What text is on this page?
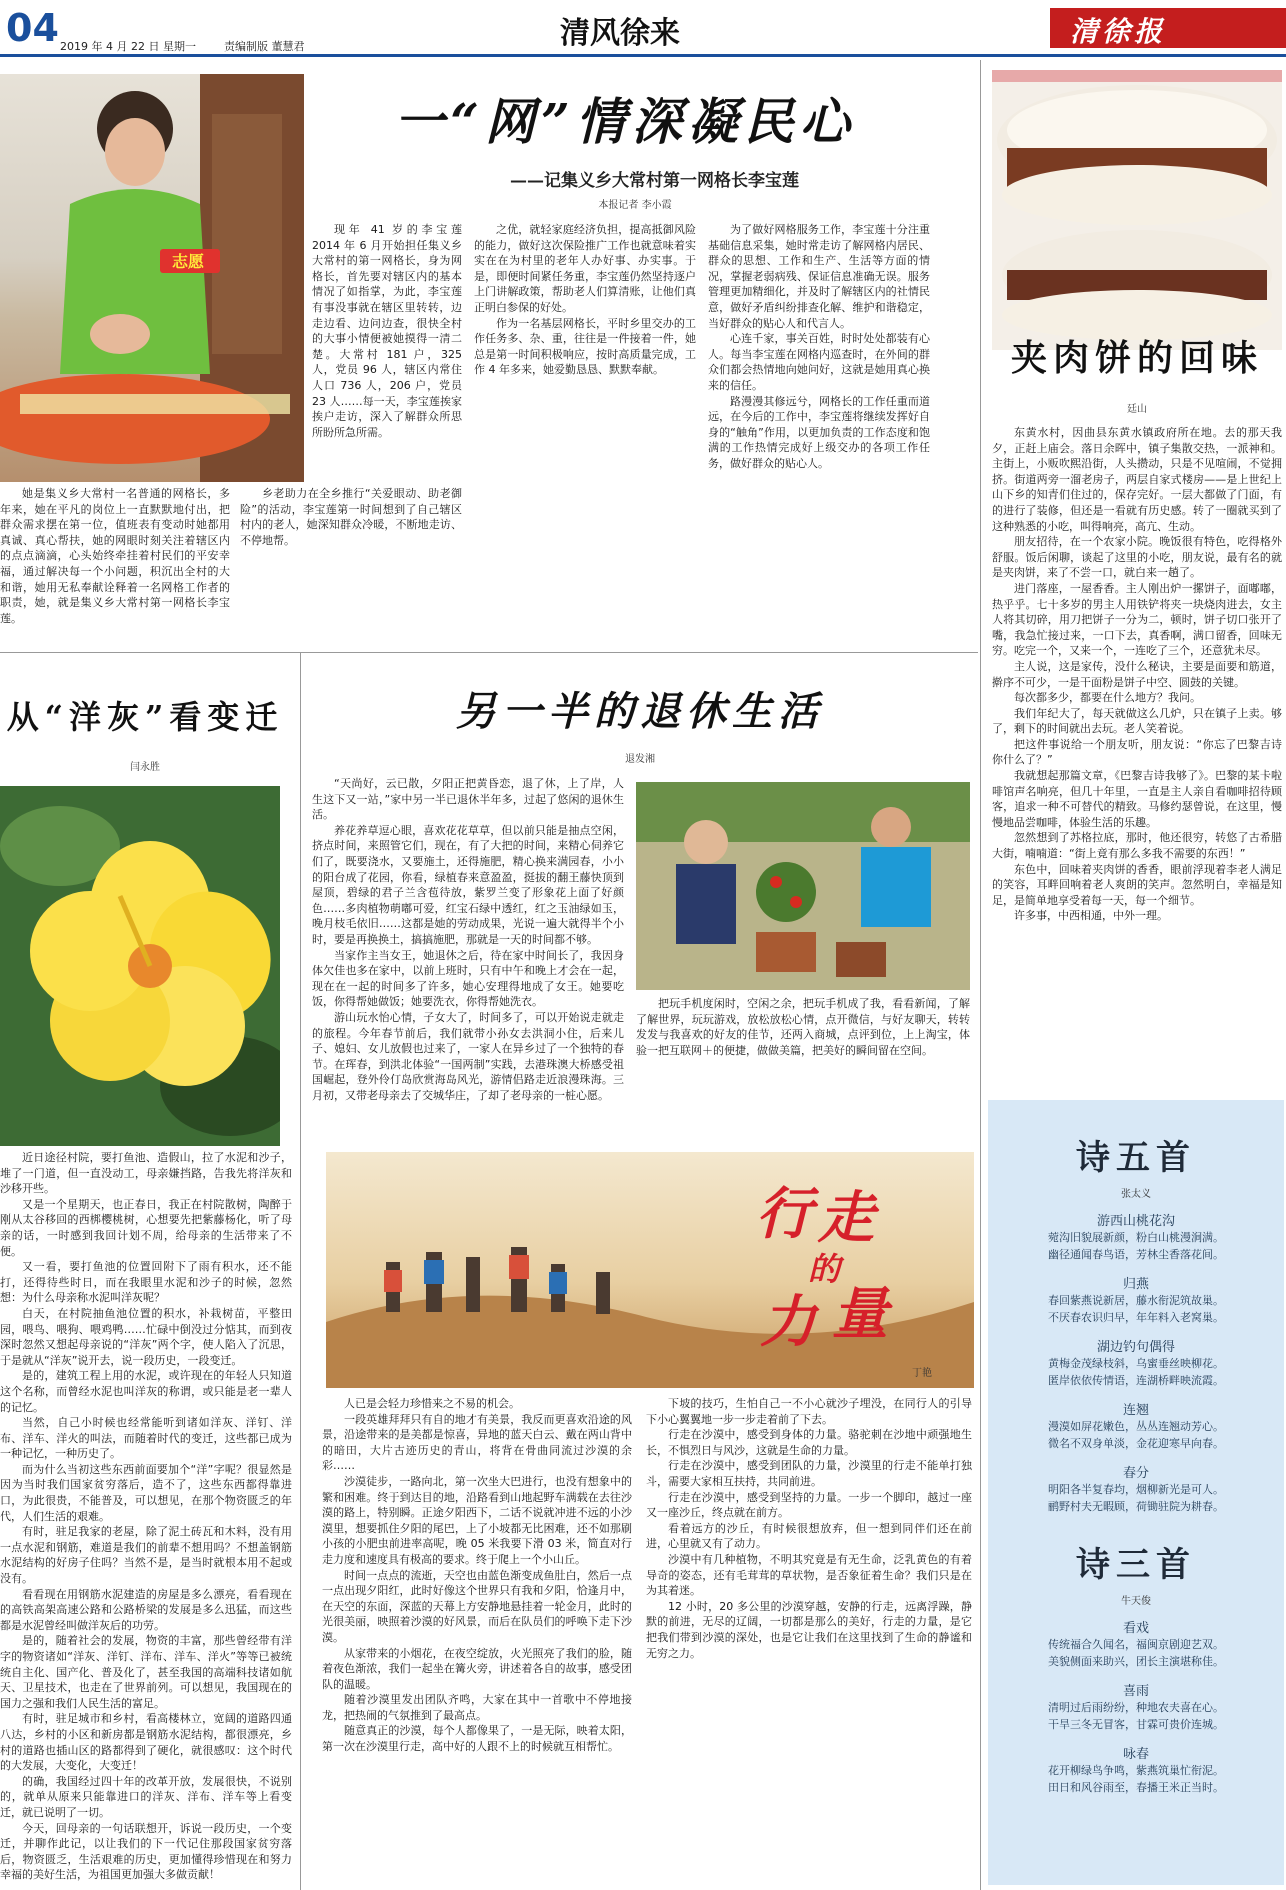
04 2019 年 4 月 22 日 星期一	责编制版 董慧君	清风徐来	清徐报
志愿
她是集义乡大常村一名普通的网格长，多年来，她在平凡的岗位上一直默默地付出，把群众需求摆在第一位，值班表有变动时她都用真诚、真心帮扶，她的网眼时刻关注着辖区内的点点滴滴，心头始终牵挂着村民们的平安幸福，通过解决每一个小问题，积沉出全村的大和谐，她用无私奉献诠释着一名网格工作者的职责，她，就是集义乡大常村第一网格长李宝莲。
一“网”情深凝民心
——记集义乡大常村第一网格长李宝莲
本报记者 李小霞

现年 41 岁的李宝莲 2014 年 6 月开始担任集义乡大常村的第一网格长，身为网格长，首先要对辖区内的基本情况了如指掌，为此，李宝莲有事没事就在辖区里转转，边走边看、边问边查，很快全村的大事小情便被她摸得一清二楚。大常村 181 户，325 人，党员 96 人，辖区内常住人口 736 人，206 户，党员 23 人……每一天，李宝莲挨家挨户走访，深入了解群众所思所盼所急所需。

乡老助力在全乡推行“关爱眼动、助老御险”的活动，李宝莲第一时间想到了自己辖区村内的老人，她深知群众冷暖，不断地走访、不停地帮。

之优，就轻家庭经济负担，提高抵御风险的能力，做好这次保险推广工作也就意味着实实在在为村里的老年人办好事、办实事。于是，即便时间紧任务重，李宝莲仍然坚持逐户上门讲解政策，帮助老人们算清账，让他们真正明白参保的好处。

作为一名基层网格长，平时乡里交办的工作任务多、杂、重，往往是一件接着一件，她总是第一时间积极响应，按时高质量完成，工作 4 年多来，她爱勤恳恳、默默奉献。

为了做好网格服务工作，李宝莲十分注重基础信息采集，她时常走访了解网格内居民、群众的思想、工作和生产、生活等方面的情况，掌握老弱病残、保证信息准确无误。服务管理更加精细化，并及时了解辖区内的社情民意，做好矛盾纠纷排查化解、维护和谐稳定，当好群众的贴心人和代言人。

心连千家，事关百姓，时时处处都装有心人。每当李宝莲在网格内巡查时，在外间的群众们都会热情地向她问好，这就是她用真心换来的信任。

路漫漫其修远兮，网格长的工作任重而道远，在今后的工作中，李宝莲将继续发挥好自身的“触角”作用，以更加负责的工作态度和饱满的工作热情完成好上级交办的各项工作任务，做好群众的贴心人。

夹肉饼的回味
廷山

东黄水村，因曲县东黄水镇政府所在地。去的那天我夕，正赶上庙会。落日余晖中，镇子集散交热，一派神和。主街上，小贩吹熙沿街，人头攒动，只是不见喧闹，不觉拥挤。街道两旁一溜老房子，两层自家式楼房——是上世纪上山下乡的知青们住过的，保存完好。一层大都做了门面，有的进行了装修，但还是一看就有历史感。转了一圈就买到了这种熟悉的小吃，叫得响亮，高亢、生动。

朋友招待，在一个农家小院。晚饭很有特色，吃得格外舒服。饭后闲聊，谈起了这里的小吃，朋友说，最有名的就是夹肉饼，来了不尝一口，就白来一趟了。

进门落座，一屋香香。主人刚出炉一摞饼子，面嘟嘟，热乎乎。七十多岁的男主人用铁铲将夹一块烧肉进去，女主人将其切碎，用刀把饼子一分为二，顿时，饼子切口张开了嘴，我急忙接过来，一口下去，真香啊，满口留香，回味无穷。吃完一个，又来一个，一连吃了三个，还意犹未尽。

主人说，这是家传，没什么秘诀，主要是面要和筋道，擀序不可少，一是干面粉是饼子中空、圆鼓的关键。

每次都多少，都要在什么地方？我问。

我们年纪大了，每天就做这么几炉，只在镇子上卖。够了，剩下的时间就出去玩。老人笑着说。

把这件事说给一个朋友听，朋友说：“你忘了巴黎吉诗你什么了？”

我就想起那篇文章，《巴黎吉诗我够了》。巴黎的某卡啦啡馆声名响亮，但几十年里，一直是主人亲自看咖啡招待顾客，追求一种不可替代的精致。马修约瑟曾说，在这里，慢慢地品尝咖啡，体验生活的乐趣。

忽然想到了苏格拉底，那时，他还很穷，转悠了古希腊大街，喃喃道：“街上竟有那么多我不需要的东西！”

东色中，回味着夹肉饼的香香，眼前浮现着李老人满足的笑容，耳畔回响着老人爽朗的笑声。忽然明白，幸福是知足，是简单地享受着每一天，每一个细节。

许多事，中西相通，中外一理。

诗五首
张太义
游西山桃花沟
菀沟旧貌展新颜，粉白山桃漫涧满。
幽径通闻春鸟语，芳林尘香落花间。
归燕
春回紫燕说新居，藤水衔泥筑故巢。
不厌春农识归早，年年料入老窝巢。
湖边钓句偶得
黄梅金茂绿枝斜，乌蜜垂丝映柳花。
匿岸依依传情语，连湖桥畔映流霞。
连翘
漫漠如屏花嫩色，丛丛连翘动芳心。
微名不双身单淡，金花迎寒早向春。
春分
明阳各半复春均，烟柳新光是可人。
鹂野村夫无暇顾，荷锄驻院为耕春。
诗三首
牛天俊
看戏
传统福合久闻名，福闽京剧迎艺双。
美貌侧面来助兴，团长主演堪称佳。
喜雨
清明过后雨纷纷，种地农夫喜在心。
干旱三冬无冒客，甘霖可贵价连城。
咏春
花开柳绿鸟争鸣，紫燕筑巢忙衔泥。
田日和风谷雨至，春播王米正当时。
从“洋灰”看变迁
闫永胜

近日途径村院，要打鱼池、造假山，拉了水泥和沙子，堆了一门道，但一直没动工，母亲嫌挡路，告我先将洋灰和沙移开些。

又是一个星期天，也正春日，我正在村院散树，陶醉于刚从太谷移回的西梆樱桃树，心想要先把紫藤杨化，听了母亲的话，一时感到我回计划不周，给母亲的生活带来了不便。

又一看，要打鱼池的位置回附下了雨有积水，还不能打，还得待些时日，而在我眼里水泥和沙子的时候，忽然想：为什么母亲称水泥叫洋灰呢？

白天，在村院抽鱼池位置的积水，补栽树苗，平整田园，喂鸟、喂狗、喂鸡鸭……忙碌中倒没过分惦其，而到夜深时忽然又想起母亲说的“洋灰”两个字，使人陷入了沉思，于是就从“洋灰”说开去，说一段历史，一段变迁。

是的，建筑工程上用的水泥，或许现在的年轻人只知道这个名称，而曾经水泥也叫洋灰的称谓，或只能是老一辈人的记忆。

当然，自己小时候也经常能听到诸如洋灰、洋钉、洋布、洋车、洋火的叫法，而随着时代的变迁，这些都已成为一种记忆，一种历史了。

而为什么当初这些东西前面要加个“洋”字呢？很显然是因为当时我们国家贫穷落后，造不了，这些东西都得靠进口，为此很贵，不能普及，可以想见，在那个物资匮乏的年代，人们生活的艰难。

有时，驻足我家的老屋，除了泥土砖瓦和木料，没有用一点水泥和钢筋，难道是我们的前辈不想用吗？不想盖钢筋水泥结构的好房子住吗？当然不是，是当时就根本用不起或没有。

看看现在用钢筋水泥建造的房屋是多么漂亮，看看现在的高铁高架高速公路和公路桥梁的发展是多么迅猛，而这些都是水泥曾经叫做洋灰后的功劳。

是的，随着社会的发展，物资的丰富，那些曾经带有洋字的物资诸如“洋灰、洋钉、洋布、洋车、洋火”等等已被统统自主化、国产化、普及化了，甚至我国的高端科技诸如航天、卫星技术，也走在了世界前列。可以想见，我国现在的国力之强和我们人民生活的富足。

有时，驻足城市和乡村，看高楼林立，宽阔的道路四通八达，乡村的小区和新房都是钢筋水泥结构，都很漂亮，乡村的道路也插山区的路都得到了硬化，就很感叹：这个时代的大发展，大变化，大变迁！

的确，我国经过四十年的改革开放，发展很快，不说别的，就单从原来只能靠进口的洋灰、洋布、洋车等上看变迁，就已说明了一切。

今天，回母亲的一句话联想开，诉说一段历史，一个变迁，并聊作此记，以让我们的下一代记住那段国家贫穷落后，物资匮乏，生活艰难的历史，更加懂得珍惜现在和努力幸福的美好生活，为祖国更加强大多做贡献！

另一半的退休生活
退发湘

“天尚好，云已散，夕阳正把黄昏恋，退了休，上了岸，人生这下又一站，”家中另一半已退休半年多，过起了悠闲的退休生活。

养花养草逗心眼，喜欢花花草草，但以前只能是抽点空闲，挤点时间，来照管它们，现在，有了大把的时间，来精心伺养它们了，既要浇水，又要施土，还得施肥，精心换来满园春，小小的阳台成了花园，你看，绿植春来意盈盈，挺拔的翻王藤快顶到屋顶，碧绿的君子兰含苞待放，紫罗兰变了形象花上面了好颜色……多肉植物萌嘟可爱，红宝石绿中透红，红之玉油绿如玉，晚月枝毛依旧……这都是她的劳动成果，光说一遍大就得半个小时，要是再换换土，搞搞施肥，那就是一天的时间都不够。

当家作主当女王，她退休之后，待在家中时间长了，我因身体欠佳也多在家中，以前上班时，只有中午和晚上才会在一起，现在在一起的时间多了许多，她心安理得地成了女王。她要吃饭，你得帮她做饭；她要洗衣，你得帮她洗衣。

游山玩水怡心情，子女大了，时间多了，可以开始说走就走的旅程。今年春节前后，我们就带小孙女去洪洞小住，后来儿子、媳妇、女儿放假也过来了，一家人在异乡过了一个独特的春节。在珲春，到洪北体验“一国两制”实践，去港珠澳大桥感受祖国崛起，登外伶仃岛欣赏海岛风光，游情侣路走近浪漫珠海。三月初，又带老母亲去了交城华庄，了却了老母亲的一桩心愿。

把玩手机度闲时，空闲之余，把玩手机成了我，看看新闻，了解了解世界，玩玩游戏，放松放松心情，点开微信，与好友聊天，转转发发与我喜欢的好友的佳节，还两入商城，点评到位，上上淘宝，体验一把互联网＋的便捷，做做美篇，把美好的瞬间留在空间。

行 走
的
力 量
丁艳

人已是会轻力珍惜来之不易的机会。

一段英雄拜拜只有自的地才有美景，我反而更喜欢沿途的风景，沿途带来的是美都是惊喜，异地的蓝天白云、戴在两山背中的暗田，大片古迹历史的青山，将背在骨曲同流过沙漠的余彩……

沙漠徒步，一路向北，第一次坐大巴进行，也没有想象中的繁和困难。终于到达目的地，沿路看到山地起野车满载在去往沙漠的路上，特别瞬。正途夕阳西下，二话不说就冲进不远的小沙漠里，想要抓住夕阳的尾巴，上了小坡都无比困难，还不如那刷小孩的小肥虫前进率高呢，晚 05 米我要下滑 03 米，简直对行走力度和速度具有极高的要求。终于爬上一个小山丘。

时间一点点的流逝，天空也由蓝色渐变成鱼肚白，然后一点一点出现夕阳红，此时好像这个世界只有我和夕阳，恰逢月中，在天空的东面，深蓝的天幕上方安静地悬挂着一轮金月，此时的光很美丽，映照着沙漠的好风景，而后在队员们的呼唤下走下沙漠。

从家带来的小烟花，在夜空绽放，火光照亮了我们的脸，随着夜色渐浓，我们一起坐在篝火旁，讲述着各自的故事，感受团队的温暖。

随着沙漠里发出团队齐鸣，大家在其中一首歌中不停地接龙，把热闹的气氛推到了最高点。

随意真正的沙漠，每个人都像果了，一是无际，映着太阳，第一次在沙漠里行走，高中好的人跟不上的时候就互相帮忙。

下坡的技巧，生怕自己一不小心就沙子埋没，在同行人的引导下小心翼翼地一步一步走着前了下去。

行走在沙漠中，感受到身体的力量。骆驼刺在沙地中顽强地生长，不惧烈日与风沙，这就是生命的力量。

行走在沙漠中，感受到团队的力量，沙漠里的行走不能单打独斗，需要大家相互扶持，共同前进。

行走在沙漠中，感受到坚持的力量。一步一个脚印，越过一座又一座沙丘，终点就在前方。

看着远方的沙丘，有时候很想放弃，但一想到同伴们还在前进，心里就又有了动力。

沙漠中有几种植物，不明其究竟是有无生命，泛乳黄色的有着导奇的姿态，还有毛茸茸的草状物，是否象征着生命？我们只是在为其着迷。

12 小时，20 多公里的沙漠穿越，安静的行走，远离浮躁，静默的前进，无尽的辽阔，一切都是那么的美好，行走的力量，是它把我们带到沙漠的深处，也是它让我们在这里找到了生命的静谧和无穷之力。
